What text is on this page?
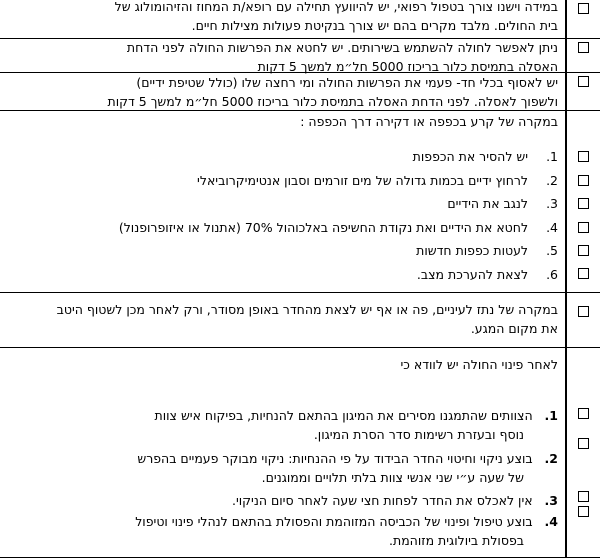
במידה וישנו צורך בטפול רפואי, יש להיוועץ תחילה עם רופא/ת המחוז והזיהומולוג של
בית החולים. מלבד מקרים בהם יש צורך בנקיטת פעולות מצילות חיים.
ניתן לאפשר לחולה להשתמש בשירותים. יש לחטא את הפרשות החולה לפני הדחת
האסלה בתמיסת כלור בריכוז 5000 חל״מ למשך 5 דקות
יש לאסוף בכלי חד- פעמי את הפרשות החולה ומי רחצה שלו (כולל שטיפת ידיים)
ולשפוך לאסלה. לפני הדחת האסלה בתמיסת כלור בריכוז 5000 חל״מ למשך 5 דקות
במקרה של קרע בכפפה או דקירה דרך הכפפה :
1.  יש להסיר את הכפפות
2.  לרחוץ ידיים בכמות גדולה של מים זורמים וסבון אנטימיקרוביאלי
3.  לנגב את הידיים
4.  לחטא את הידיים ואת נקודת החשיפה באלכוהול 70% (אתנול או איזופרופנול)
5.  לעטות כפפות חדשות
6.  לצאת להערכת מצב.
במקרה של נתז לעיניים, פה או אף יש לצאת מהחדר באופן מסודר, ורק לאחר מכן לשטוף היטב
את מקום המגע.
לאחר פינוי החולה יש לוודא כי
1.   הצוותים שהתמגנו מסירים את המיגון בהתאם להנחיות, בפיקוח איש צוות
נוסף ובעזרת רשימות סדר הסרת המיגון.
2.   בוצע ניקוי וחיטוי החדר הבידוד על פי ההנחיות: ניקוי מבוקר פעמיים בהפרש
של שעה ע״י שני אנשי צוות בלתי תלויים וממוגנים.
3.   אין לאכלס את החדר לפחות חצי שעה לאחר סיום הניקוי.
4.   בוצע טיפול ופינוי של הכביסה המזוהמת והפסולת בהתאם לנהלי פינוי וטיפול
בפסולת ביולוגית מזוהמת.
